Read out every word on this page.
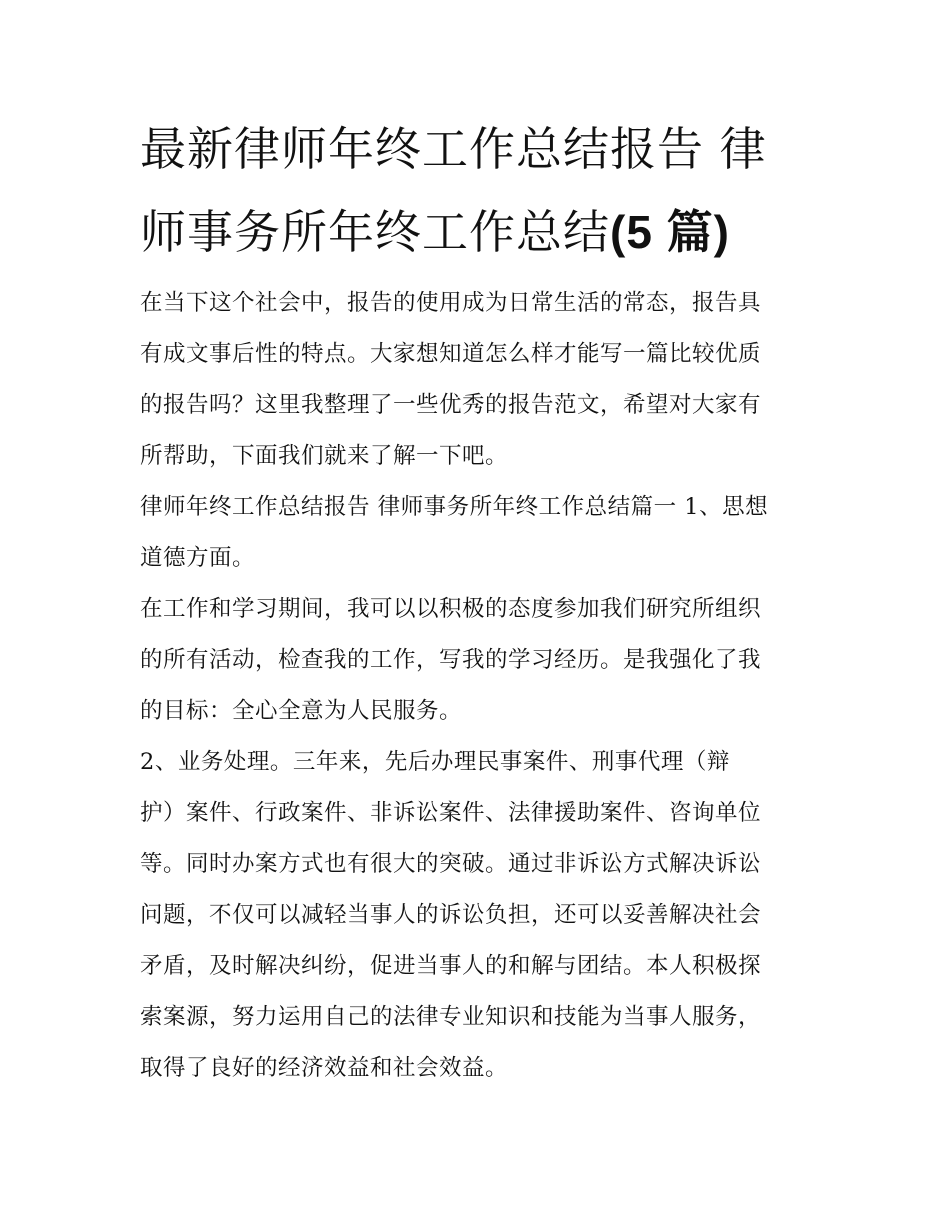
最新律师年终工作总结报告 律
师事务所年终工作总结(5 篇)

在当下这个社会中，报告的使用成为日常生活的常态，报告具
有成文事后性的特点。大家想知道怎么样才能写一篇比较优质
的报告吗？这里我整理了一些优秀的报告范文，希望对大家有
所帮助，下面我们就来了解一下吧。

律师年终工作总结报告 律师事务所年终工作总结篇一 1、思想
道德方面。

在工作和学习期间，我可以以积极的态度参加我们研究所组织
的所有活动，检查我的工作，写我的学习经历。是我强化了我
的目标：全心全意为人民服务。

2、业务处理。三年来，先后办理民事案件、刑事代理（辩
护）案件、行政案件、非诉讼案件、法律援助案件、咨询单位
等。同时办案方式也有很大的突破。通过非诉讼方式解决诉讼
问题，不仅可以减轻当事人的诉讼负担，还可以妥善解决社会
矛盾，及时解决纠纷，促进当事人的和解与团结。本人积极探
索案源，努力运用自己的法律专业知识和技能为当事人服务，
取得了良好的经济效益和社会效益。
